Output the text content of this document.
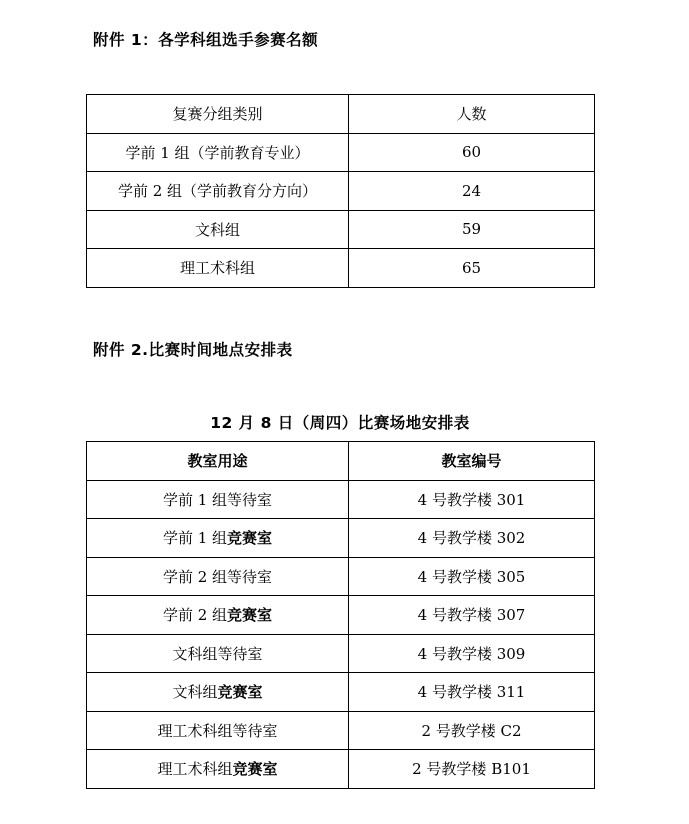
附件 1：各学科组选手参赛名额
复赛分组类别	人数
学前 1 组（学前教育专业）	60
学前 2 组（学前教育分方向）	24
文科组	59
理工术科组	65
附件 2.比赛时间地点安排表
12 月 8 日（周四）比赛场地安排表
教室用途	教室编号
学前 1 组等待室	4 号教学楼 301
学前 1 组竞赛室	4 号教学楼 302
学前 2 组等待室	4 号教学楼 305
学前 2 组竞赛室	4 号教学楼 307
文科组等待室	4 号教学楼 309
文科组竞赛室	4 号教学楼 311
理工术科组等待室	2 号教学楼 C2
理工术科组竞赛室	2 号教学楼 B101
